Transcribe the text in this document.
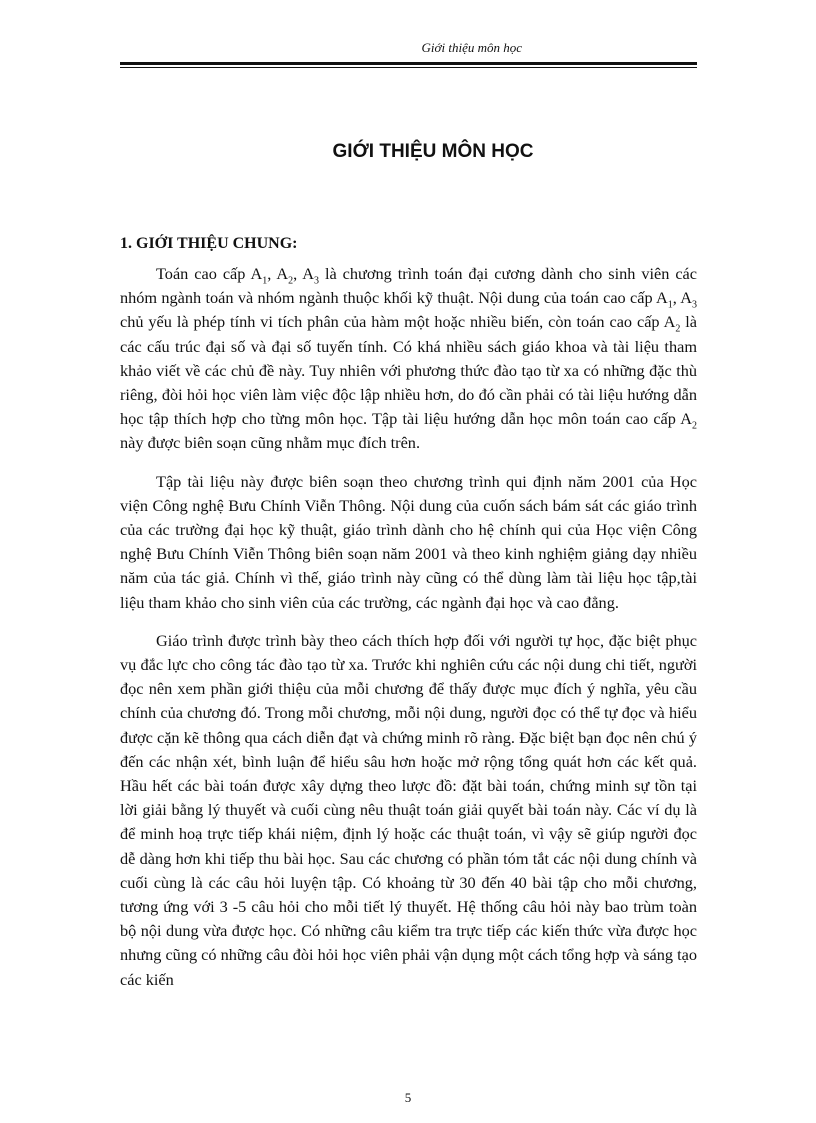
Giới thiệu môn học
GIỚI THIỆU MÔN HỌC
1. GIỚI THIỆU CHUNG:

Toán cao cấp $A_1$, $A_2$, $A_3$ là chương trình toán đại cương dành cho sinh viên các nhóm ngành toán và nhóm ngành thuộc khối kỹ thuật. Nội dung của toán cao cấp $A_1$, $A_3$ chủ yếu là phép tính vi tích phân của hàm một hoặc nhiều biến, còn toán cao cấp $A_2$ là các cấu trúc đại số và đại số tuyến tính. Có khá nhiều sách giáo khoa và tài liệu tham khảo viết về các chủ đề này. Tuy nhiên với phương thức đào tạo từ xa có những đặc thù riêng, đòi hỏi học viên làm việc độc lập nhiều hơn, do đó cần phải có tài liệu hướng dẫn học tập thích hợp cho từng môn học. Tập tài liệu hướng dẫn học môn toán cao cấp $A_2$ này được biên soạn cũng nhằm mục đích trên.

Tập tài liệu này được biên soạn theo chương trình qui định năm 2001 của Học viện Công nghệ Bưu Chính Viễn Thông. Nội dung của cuốn sách bám sát các giáo trình của các trường đại học kỹ thuật, giáo trình dành cho hệ chính qui của Học viện Công nghệ Bưu Chính Viễn Thông biên soạn năm 2001 và theo kinh nghiệm giảng dạy nhiều năm của tác giả. Chính vì thế, giáo trình này cũng có thể dùng làm tài liệu học tập,tài liệu tham khảo cho sinh viên của các trường, các ngành đại học và cao đẳng.

Giáo trình được trình bày theo cách thích hợp đối với người tự học, đặc biệt phục vụ đắc lực cho công tác đào tạo từ xa. Trước khi nghiên cứu các nội dung chi tiết, người đọc nên xem phần giới thiệu của mỗi chương để thấy được mục đích ý nghĩa, yêu cầu chính của chương đó. Trong mỗi chương, mỗi nội dung, người đọc có thể tự đọc và hiểu được cặn kẽ thông qua cách diễn đạt và chứng minh rõ ràng. Đặc biệt bạn đọc nên chú ý đến các nhận xét, bình luận để hiểu sâu hơn hoặc mở rộng tổng quát hơn các kết quả. Hầu hết các bài toán được xây dựng theo lược đồ: đặt bài toán, chứng minh sự tồn tại lời giải bằng lý thuyết và cuối cùng nêu thuật toán giải quyết bài toán này. Các ví dụ là để minh hoạ trực tiếp khái niệm, định lý hoặc các thuật toán, vì vậy sẽ giúp người đọc dễ dàng hơn khi tiếp thu bài học. Sau các chương có phần tóm tắt các nội dung chính và cuối cùng là các câu hỏi luyện tập. Có khoảng từ 30 đến 40 bài tập cho mỗi chương, tương ứng với 3 -5 câu hỏi cho mỗi tiết lý thuyết. Hệ thống câu hỏi này bao trùm toàn bộ nội dung vừa được học. Có những câu kiểm tra trực tiếp các kiến thức vừa được học nhưng cũng có những câu đòi hỏi học viên phải vận dụng một cách tổng hợp và sáng tạo các kiến

5
